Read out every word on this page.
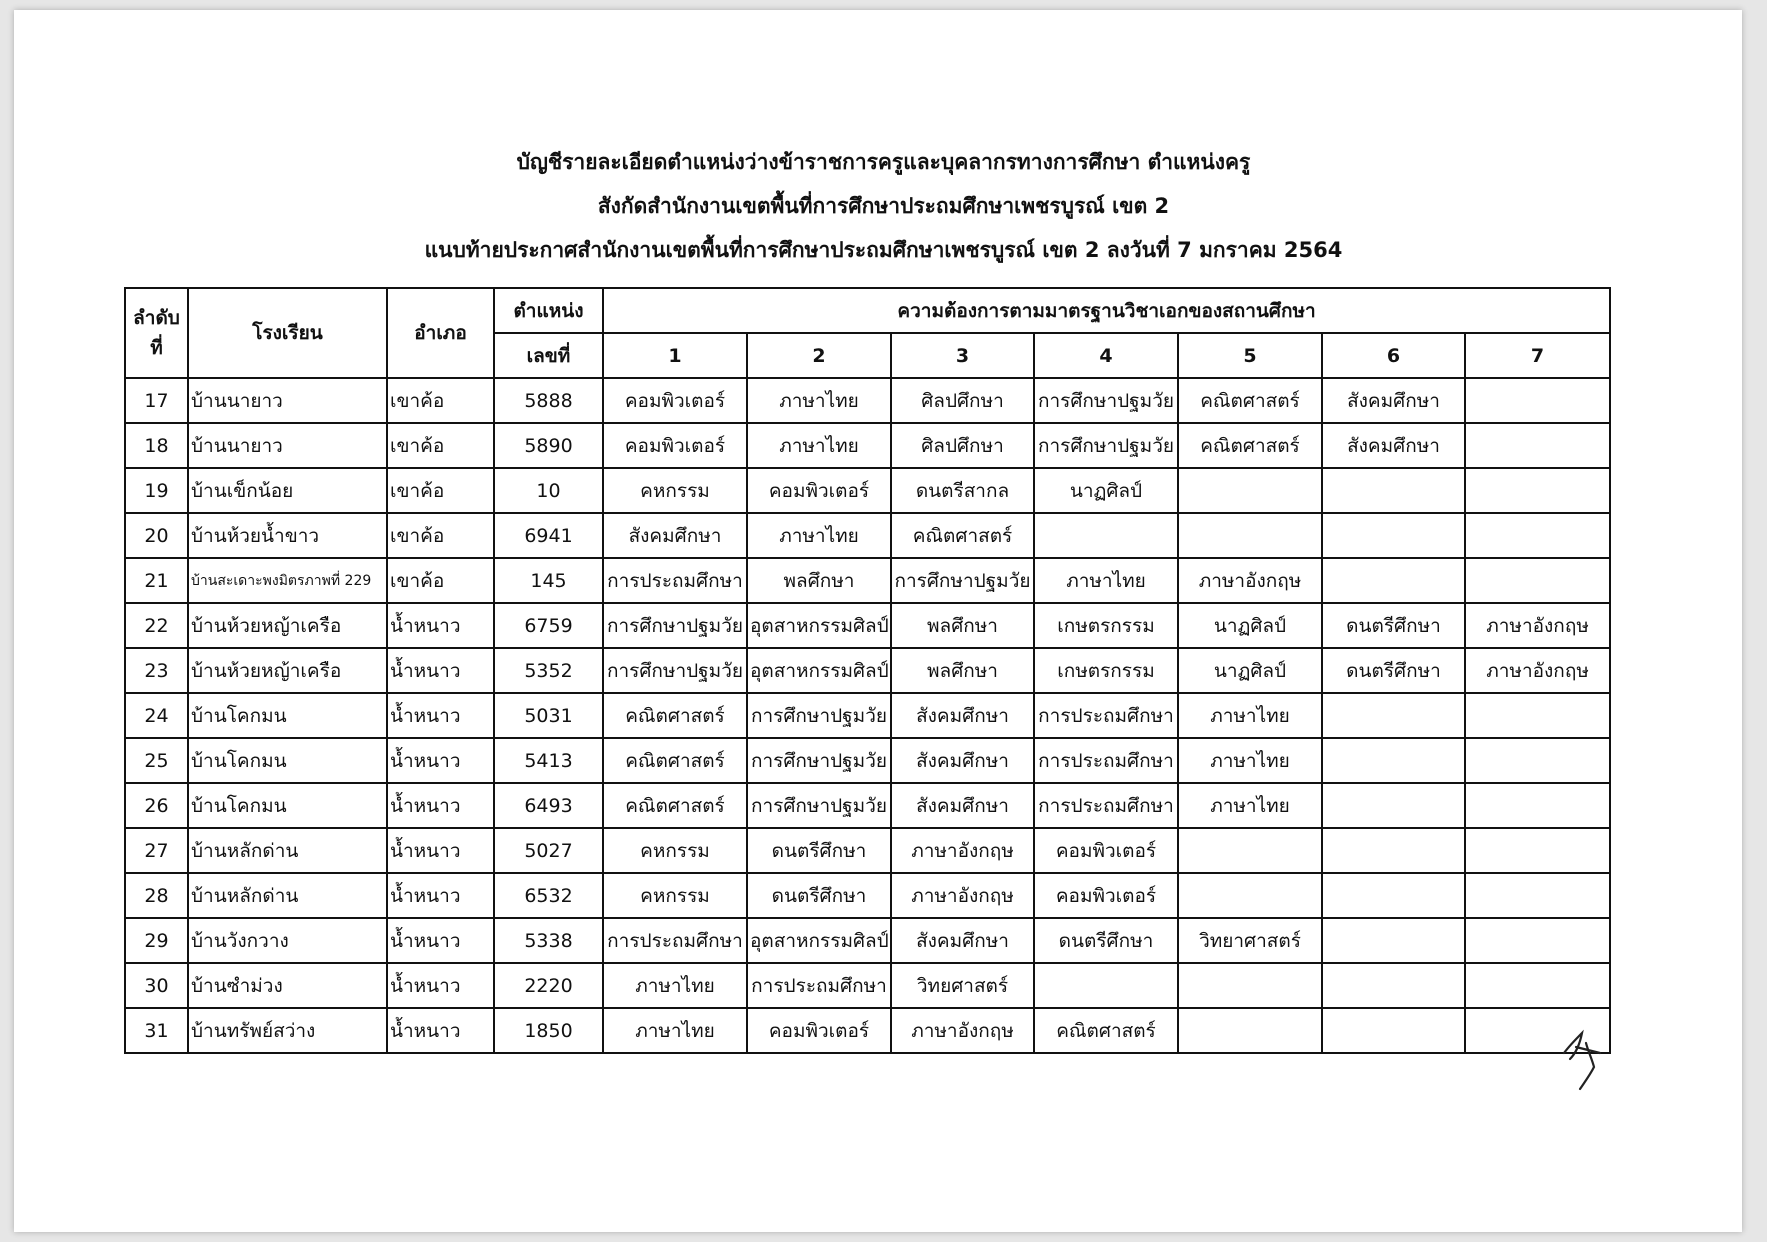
บัญชีรายละเอียดตำแหน่งว่างข้าราชการครูและบุคลากรทางการศึกษา ตำแหน่งครู
สังกัดสำนักงานเขตพื้นที่การศึกษาประถมศึกษาเพชรบูรณ์ เขต 2
แนบท้ายประกาศสำนักงานเขตพื้นที่การศึกษาประถมศึกษาเพชรบูรณ์ เขต 2 ลงวันที่ 7 มกราคม 2564
ลำดับ
ที่	โรงเรียน	อำเภอ	ตำแหน่ง	ความต้องการตามมาตรฐานวิชาเอกของสถานศึกษา						
			เลขที่	1	2	3	4	5	6	7
17	บ้านนายาว	เขาค้อ	5888	คอมพิวเตอร์	ภาษาไทย	ศิลปศึกษา	การศึกษาปฐมวัย	คณิตศาสตร์	สังคมศึกษา	
18	บ้านนายาว	เขาค้อ	5890	คอมพิวเตอร์	ภาษาไทย	ศิลปศึกษา	การศึกษาปฐมวัย	คณิตศาสตร์	สังคมศึกษา	
19	บ้านเข็กน้อย	เขาค้อ	10	คหกรรม	คอมพิวเตอร์	ดนตรีสากล	นาฏศิลป์			
20	บ้านห้วยน้ำขาว	เขาค้อ	6941	สังคมศึกษา	ภาษาไทย	คณิตศาสตร์				
21	บ้านสะเดาะพงมิตรภาพที่ 229	เขาค้อ	145	การประถมศึกษา	พลศึกษา	การศึกษาปฐมวัย	ภาษาไทย	ภาษาอังกฤษ		
22	บ้านห้วยหญ้าเครือ	น้ำหนาว	6759	การศึกษาปฐมวัย	อุตสาหกรรมศิลป์	พลศึกษา	เกษตรกรรม	นาฏศิลป์	ดนตรีศึกษา	ภาษาอังกฤษ
23	บ้านห้วยหญ้าเครือ	น้ำหนาว	5352	การศึกษาปฐมวัย	อุตสาหกรรมศิลป์	พลศึกษา	เกษตรกรรม	นาฏศิลป์	ดนตรีศึกษา	ภาษาอังกฤษ
24	บ้านโคกมน	น้ำหนาว	5031	คณิตศาสตร์	การศึกษาปฐมวัย	สังคมศึกษา	การประถมศึกษา	ภาษาไทย		
25	บ้านโคกมน	น้ำหนาว	5413	คณิตศาสตร์	การศึกษาปฐมวัย	สังคมศึกษา	การประถมศึกษา	ภาษาไทย		
26	บ้านโคกมน	น้ำหนาว	6493	คณิตศาสตร์	การศึกษาปฐมวัย	สังคมศึกษา	การประถมศึกษา	ภาษาไทย		
27	บ้านหลักด่าน	น้ำหนาว	5027	คหกรรม	ดนตรีศึกษา	ภาษาอังกฤษ	คอมพิวเตอร์			
28	บ้านหลักด่าน	น้ำหนาว	6532	คหกรรม	ดนตรีศึกษา	ภาษาอังกฤษ	คอมพิวเตอร์			
29	บ้านวังกวาง	น้ำหนาว	5338	การประถมศึกษา	อุตสาหกรรมศิลป์	สังคมศึกษา	ดนตรีศึกษา	วิทยาศาสตร์		
30	บ้านซำม่วง	น้ำหนาว	2220	ภาษาไทย	การประถมศึกษา	วิทยศาสตร์				
31	บ้านทรัพย์สว่าง	น้ำหนาว	1850	ภาษาไทย	คอมพิวเตอร์	ภาษาอังกฤษ	คณิตศาสตร์			
